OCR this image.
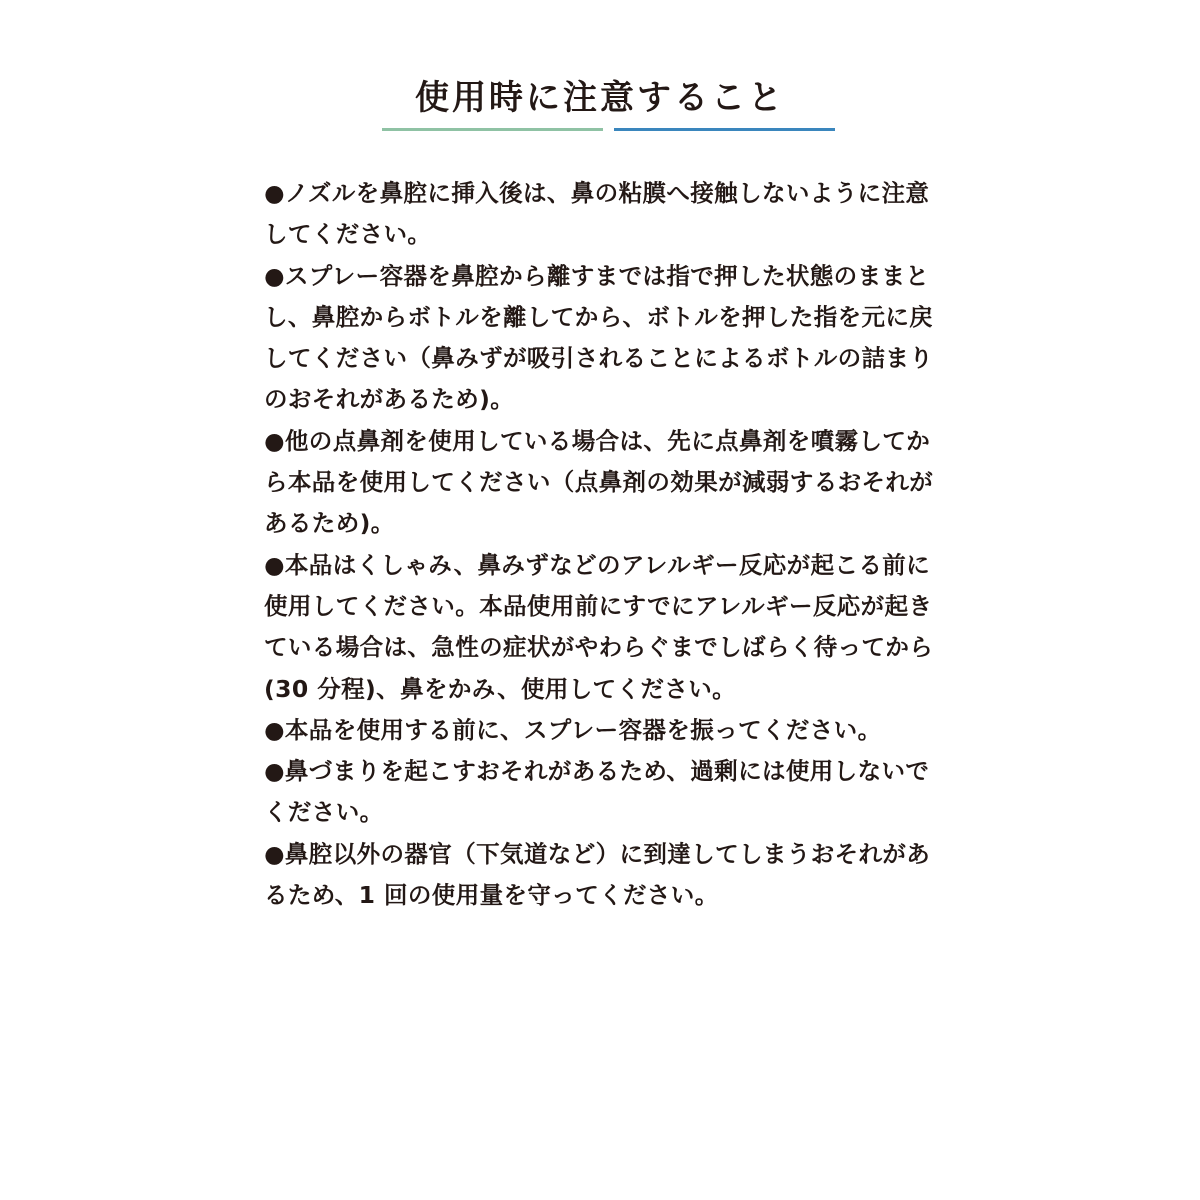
使用時に注意すること
●ノズルを鼻腔に挿入後は、鼻の粘膜へ接触しないように注意してください。
●スプレー容器を鼻腔から離すまでは指で押した状態のままとし、鼻腔からボトルを離してから、ボトルを押した指を元に戻してください（鼻みずが吸引されることによるボトルの詰まりのおそれがあるため)。
●他の点鼻剤を使用している場合は、先に点鼻剤を噴霧してから本品を使用してください（点鼻剤の効果が減弱するおそれがあるため)。
●本品はくしゃみ、鼻みずなどのアレルギー反応が起こる前に使用してください。本品使用前にすでにアレルギー反応が起きている場合は、急性の症状がやわらぐまでしばらく待ってから(30 分程)、鼻をかみ、使用してください。
●本品を使用する前に、スプレー容器を振ってください。
●鼻づまりを起こすおそれがあるため、過剰には使用しないでください。
●鼻腔以外の器官（下気道など）に到達してしまうおそれがあるため、1 回の使用量を守ってください。
